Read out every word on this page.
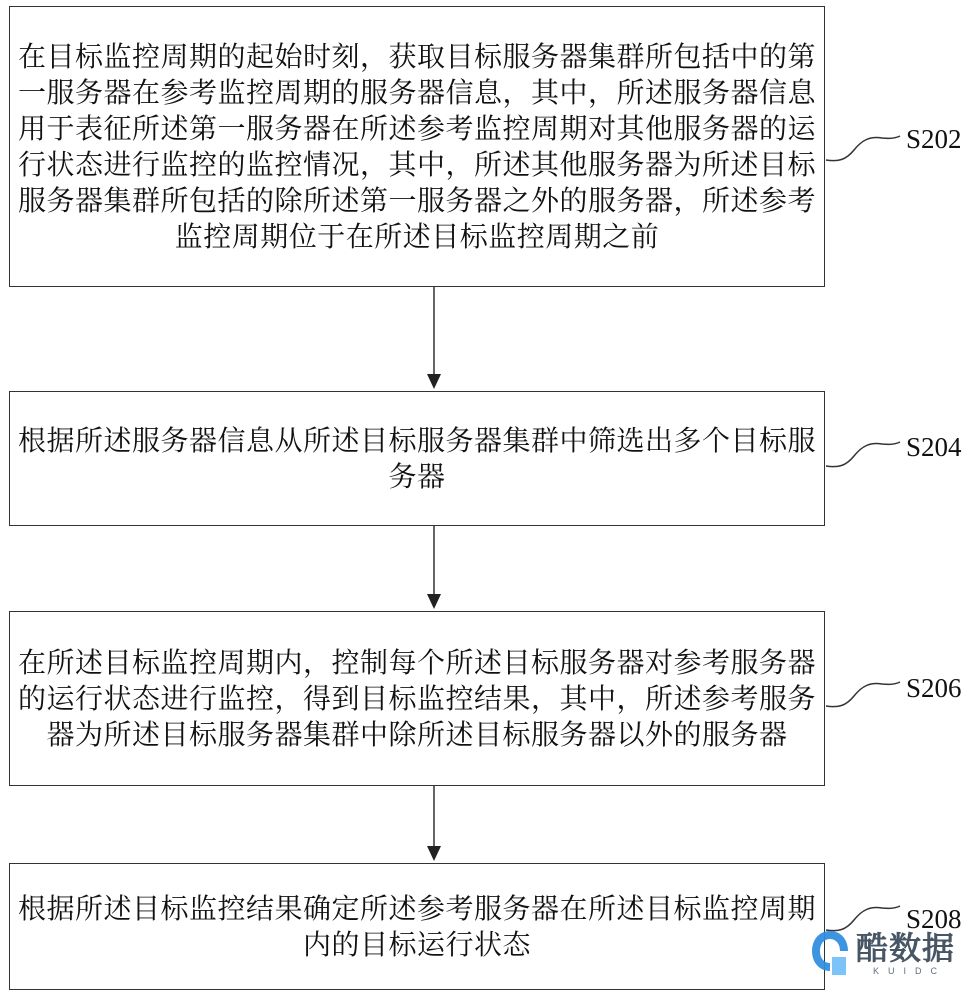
在目标监控周期的起始时刻，获取目标服务器集群所包括中的第一服务器在参考监控周期的服务器信息，其中，所述服务器信息用于表征所述第一服务器在所述参考监控周期对其他服务器的运行状态进行监控的监控情况，其中，所述其他服务器为所述目标服务器集群所包括的除所述第一服务器之外的服务器，所述参考监控周期位于在所述目标监控周期之前
S202
根据所述服务器信息从所述目标服务器集群中筛选出多个目标服务器
S204
在所述目标监控周期内，控制每个所述目标服务器对参考服务器的运行状态进行监控，得到目标监控结果，其中，所述参考服务器为所述目标服务器集群中除所述目标服务器以外的服务器
S206
根据所述目标监控结果确定所述参考服务器在所述目标监控周期内的目标运行状态
S208
酷数据
KUIDC
